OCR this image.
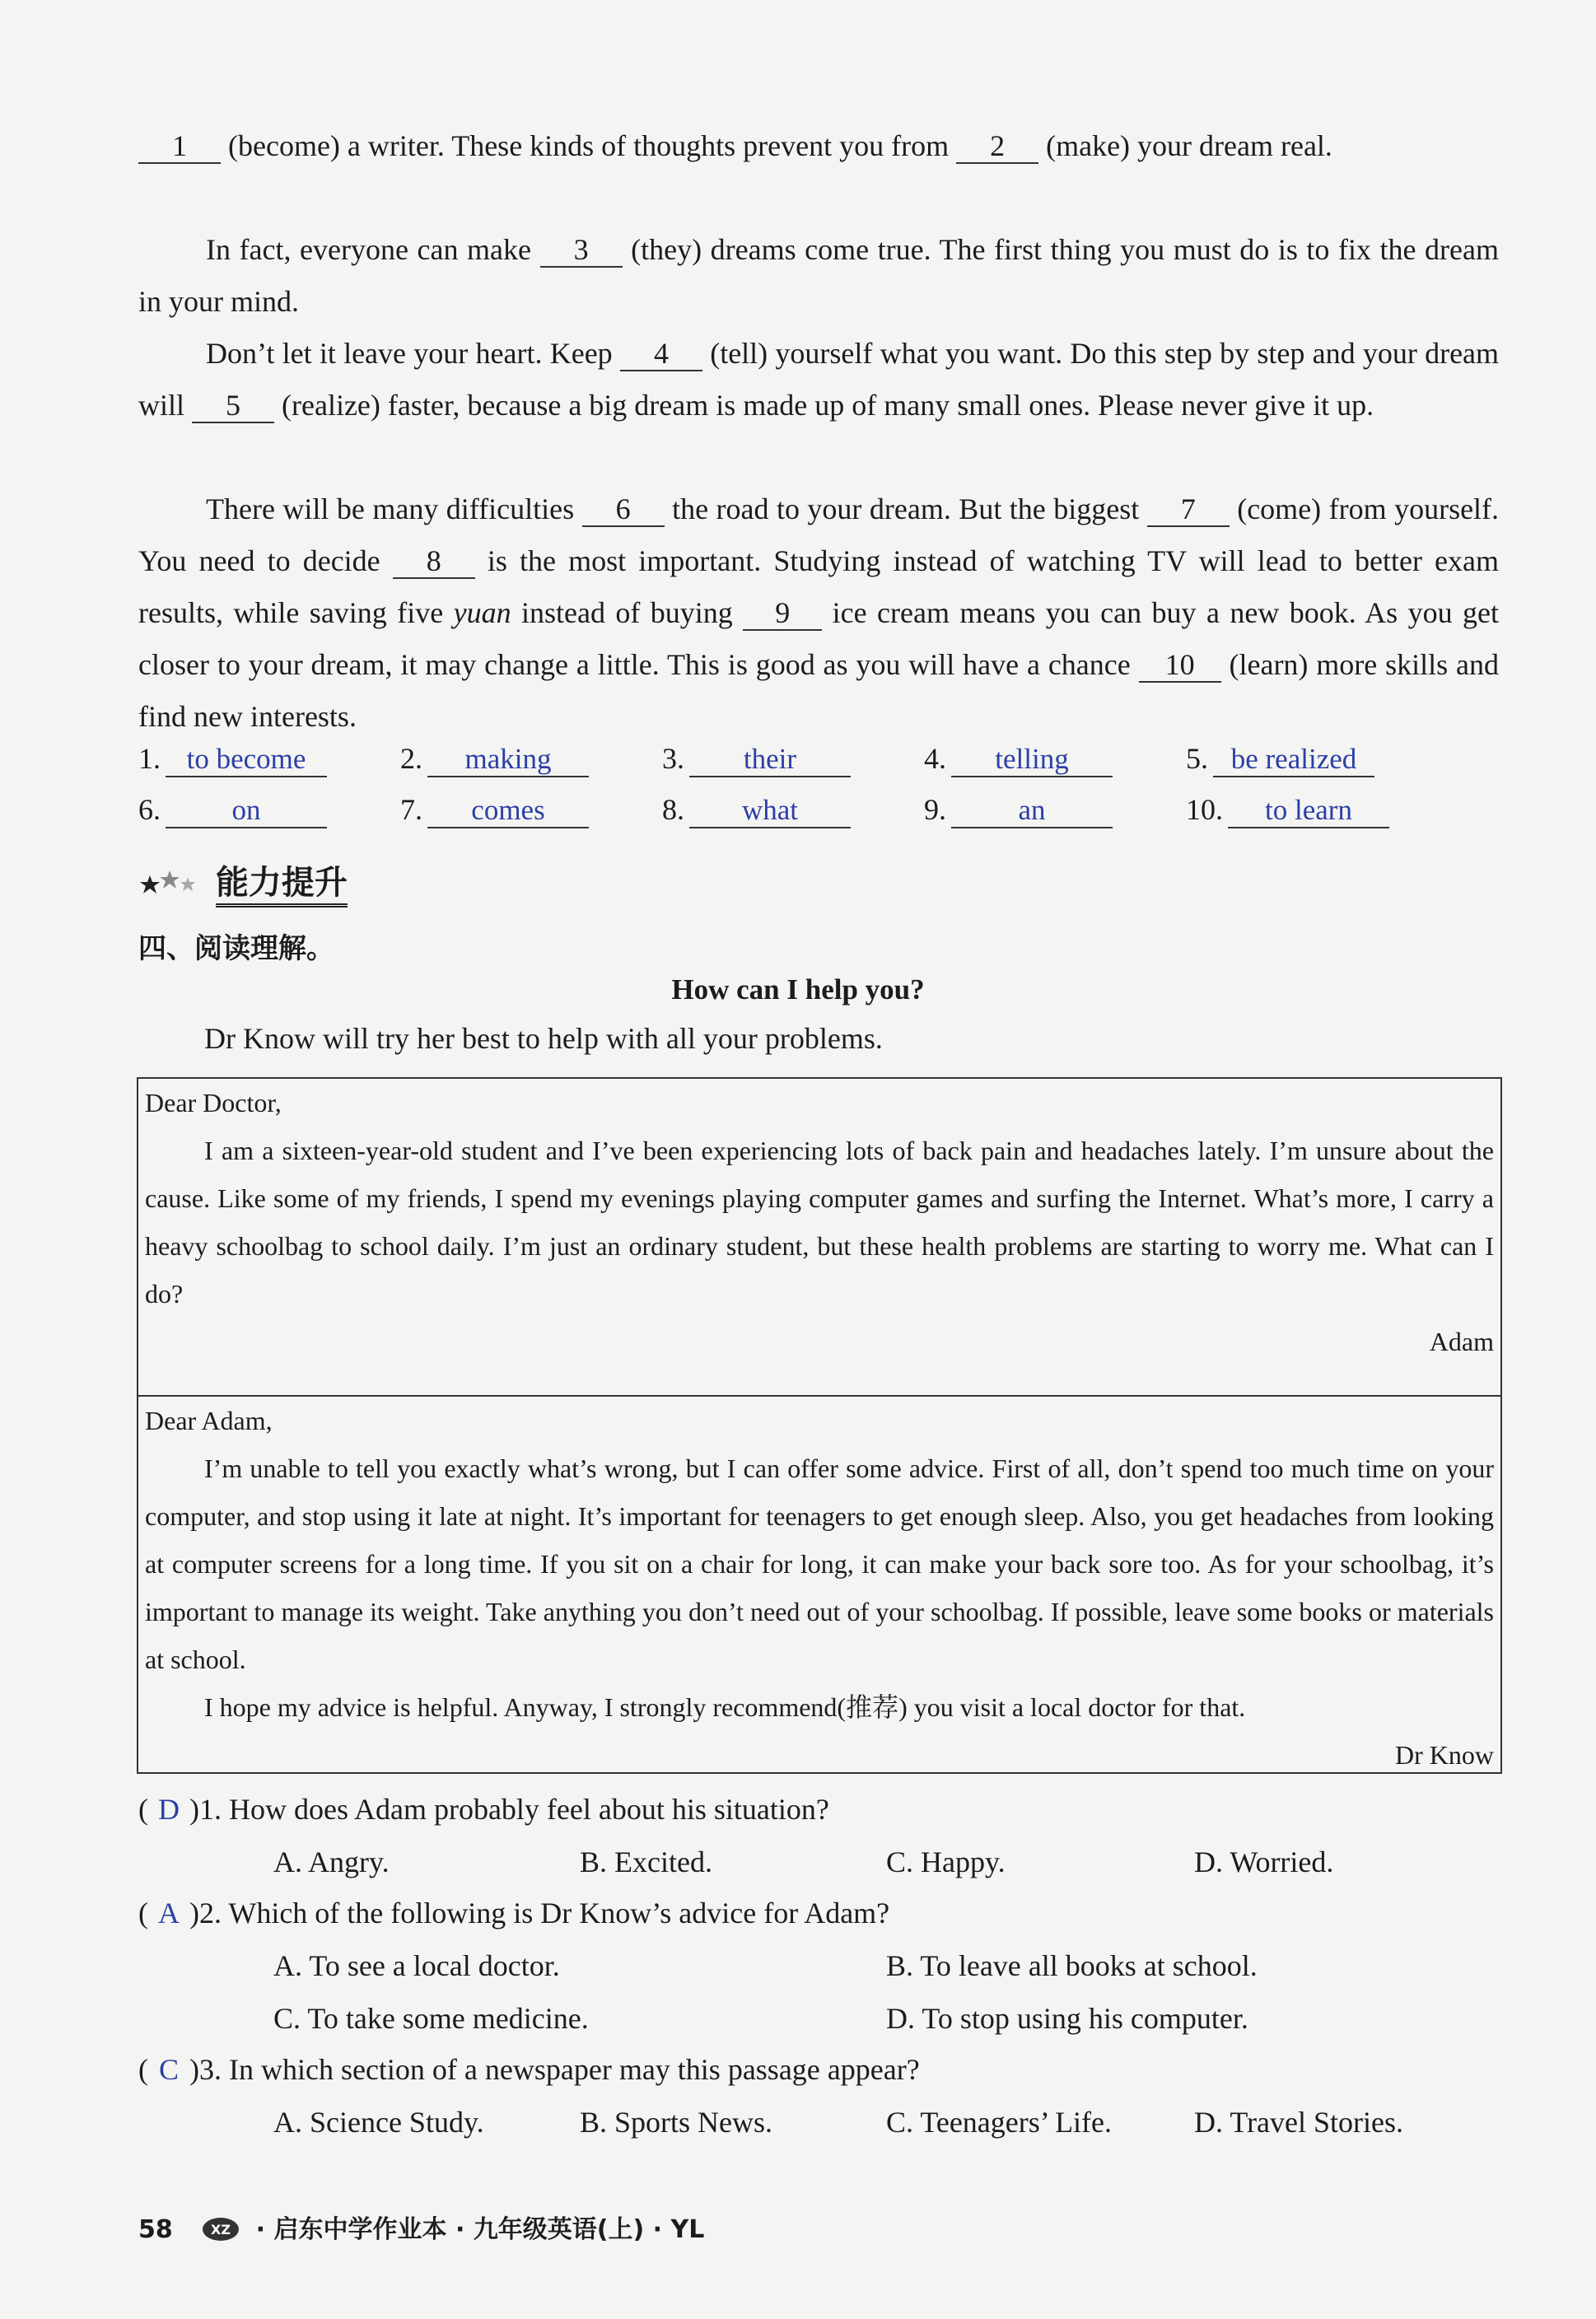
1 (become) a writer. These kinds of thoughts prevent you from 2 (make) your dream real.

In fact, everyone can make 3 (they) dreams come true. The first thing you must do is to fix the dream in your mind.

Don’t let it leave your heart. Keep 4 (tell) yourself what you want. Do this step by step and your dream will 5 (realize) faster, because a big dream is made up of many small ones. Please never give it up.

There will be many difficulties 6 the road to your dream. But the biggest 7 (come) from yourself. You need to decide 8 is the most important. Studying instead of watching TV will lead to better exam results, while saving five yuan instead of buying 9 ice cream means you can buy a new book. As you get closer to your dream, it may change a little. This is good as you will have a chance 10 (learn) more skills and find new interests.

1. to become	2. making	3. their	4. telling	5. be realized
6. on	7. comes	8. what	9. an	10. to learn
能力提升
四、阅读理解。
How can I help you?
Dr Know will try her best to help with all your problems.

Dear Doctor,

I am a sixteen-year-old student and I’ve been experiencing lots of back pain and headaches lately. I’m unsure about the cause. Like some of my friends, I spend my evenings playing computer games and surfing the Internet. What’s more, I carry a heavy schoolbag to school daily. I’m just an ordinary student, but these health problems are starting to worry me. What can I do?

Adam

Dear Adam,

I’m unable to tell you exactly what’s wrong, but I can offer some advice. First of all, don’t spend too much time on your computer, and stop using it late at night. It’s important for teenagers to get enough sleep. Also, you get headaches from looking at computer screens for a long time. If you sit on a chair for long, it can make your back sore too. As for your schoolbag, it’s important to manage its weight. Take anything you don’t need out of your schoolbag. If possible, leave some books or materials at school.

I hope my advice is helpful. Anyway, I strongly recommend(推荐) you visit a local doctor for that.

Dr Know

( D )1. How does Adam probably feel about his situation?
A. Angry.	B. Excited.	C. Happy.	D. Worried.
( A )2. Which of the following is Dr Know’s advice for Adam?
A. To see a local doctor.	B. To leave all books at school.
C. To take some medicine.	D. To stop using his computer.
( C )3. In which section of a newspaper may this passage appear?
A. Science Study.	B. Sports News.	C. Teenagers’ Life.	D. Travel Stories.
58	XZ · 启东中学作业本 · 九年级英语(上) · YL
